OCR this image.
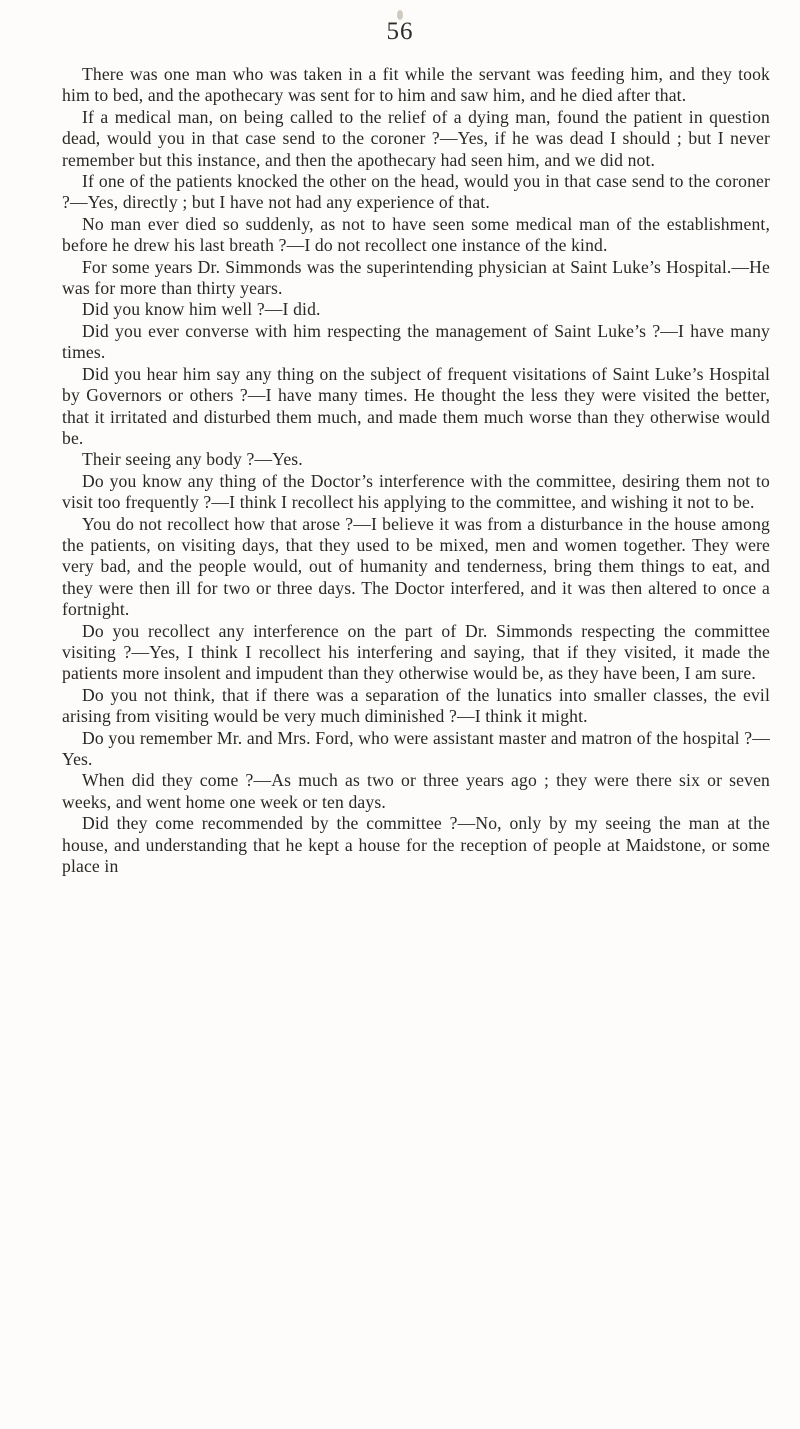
56

There was one man who was taken in a fit while the servant was feeding him, and they took him to bed, and the apothecary was sent for to him and saw him, and he died after that.

If a medical man, on being called to the relief of a dying man, found the patient in question dead, would you in that case send to the coroner ?—Yes, if he was dead I should ; but I never remember but this instance, and then the apothecary had seen him, and we did not.

If one of the patients knocked the other on the head, would you in that case send to the coroner ?—Yes, directly ; but I have not had any experience of that.

No man ever died so suddenly, as not to have seen some medical man of the establishment, before he drew his last breath ?—I do not recollect one instance of the kind.

For some years Dr. Simmonds was the superintending physician at Saint Luke’s Hospital.—He was for more than thirty years.

Did you know him well ?—I did.

Did you ever converse with him respecting the management of Saint Luke’s ?—I have many times.

Did you hear him say any thing on the subject of frequent visitations of Saint Luke’s Hospital by Governors or others ?—I have many times. He thought the less they were visited the better, that it irritated and disturbed them much, and made them much worse than they otherwise would be.

Their seeing any body ?—Yes.

Do you know any thing of the Doctor’s interference with the committee, desiring them not to visit too frequently ?—I think I recollect his applying to the committee, and wishing it not to be.

You do not recollect how that arose ?—I believe it was from a disturbance in the house among the patients, on visiting days, that they used to be mixed, men and women together. They were very bad, and the people would, out of humanity and tenderness, bring them things to eat, and they were then ill for two or three days. The Doctor interfered, and it was then altered to once a fortnight.

Do you recollect any interference on the part of Dr. Simmonds respecting the committee visiting ?—Yes, I think I recollect his interfering and saying, that if they visited, it made the patients more insolent and impudent than they otherwise would be, as they have been, I am sure.

Do you not think, that if there was a separation of the lunatics into smaller classes, the evil arising from visiting would be very much diminished ?—I think it might.

Do you remember Mr. and Mrs. Ford, who were assistant master and matron of the hospital ?—Yes.

When did they come ?—As much as two or three years ago ; they were there six or seven weeks, and went home one week or ten days.

Did they come recommended by the committee ?—No, only by my seeing the man at the house, and understanding that he kept a house for the reception of people at Maidstone, or some place in
